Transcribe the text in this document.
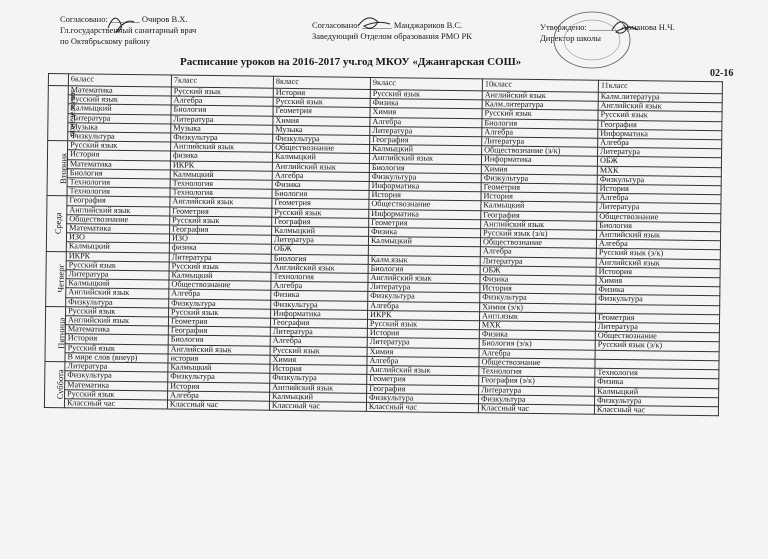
Согласовано: _______ Очиров В.Х.
Гл.государственный санитарный врач
по Октябрьскому району
Согласовано: _______ Манджариков В.С.
Заведующий Отделом образования РМО РК
Утверждено: _______ Арманова Н.Ч.
Директор школы
Расписание уроков на 2016-2017 уч.год МКОУ «Джангарская СОШ»
02-16
	6класс	7класс	8класс	9класс	10класс	11класс
понедельник	Математика	Русский язык	История	Русский язык	Английский язык	Калм.литература
	Русский язык	Алгебра	Русский язык	Физика	Калм.литература	Английский язык
	Калмыцкий	Биология	Геометрия	Химия	Русский язык	Русский язык
	Литература	Литература	Химия	Алгебра	Биология	География
	Музыка	Музыка	Музыка	Литература	Алгебра	Информатика
	Физкультура	Физкультура	Физкультура	География	Литература	Алгебра
Вторник	Русский язык	Английский язык	Обществознание	Калмыцкий	Обществознание (э/к)	Литература
	История	физика	Калмыцкий	Английский язык	Информатика	ОБЖ
	Математика	ИКРК	Английский язык	Биология	Химия	МХК
	Биология	Калмыцкий	Алгебра	Физкультура	Физкультура	Физкультура
	Технология	Технология	Физика	Информатика	Геометрия	История
	Технология	Технология	Биология	История	История	Алгебра
Среда	География	Английский язык	Геометрия	Обществознание	Калмыцкий	Литература
	Английский язык	Геометрия	Русский язык	Информатика	География	Обществознание
	Обществознание	Русский язык	География	Геометрия	Английский язык	Биология
	Математика	География	Калмыцкий	Физика	Русский язык (э/к)	Английский язык
	ИЗО	ИЗО	Литература	Калмыцкий	Обществознание	Алгебра
	Калмыцкий	физика	ОБЖ		Алгебра	Русский язык (э/к)
Четверг	ИКРК	Литература	Биология	Калм.язык	Литература	Английский язык
	Русский язык	Русский язык	Английский язык	Биология	ОБЖ	Истоория
	Литература	Калмыцкий	Технология	Английский язык	Физика	Химия
	Калмыцкий	Обществознание	Алгебра	Литература	История	Физика
	Английский язык	Алгебра	Физика	Физкультура	Физкультура	Физкультура
	Физкультура	Физкультура	Физкультура	Алгебра	Химия (э/к)	
Пятница	Русский язык	Русский язык	Информатика	ИКРК	Англ.язык	Геометрия
	Английский язык	Геометрия	География	Русский язык	МХК	Литература
	Математика	География	Литература	История	Физика	Обществознание
	История	Биология	Алгебра	Литература	Биология (э/к)	Русский язык (э/к)
	Русский язык	Английский язык	Русский язык	Химия	Алгебра	
	В мире слов (внеур)	история	Химия	Алгебра	Обществознание	
Суббота	Литература	Калмыцкий	История	Английский язык	Технология	Технология
	Физкультура	Физкультура	Физкультура	Геометрия	География (э/к)	Физика
	Математика	История	Английский язык	География	Литература	Калмыцкий
	Русский язык	Алгебра	Калмыцкий	Физкультура	Физкультура	Физкультура
	Классный час	Классный час	Классный час	Классный час	Классный час	Классный час
